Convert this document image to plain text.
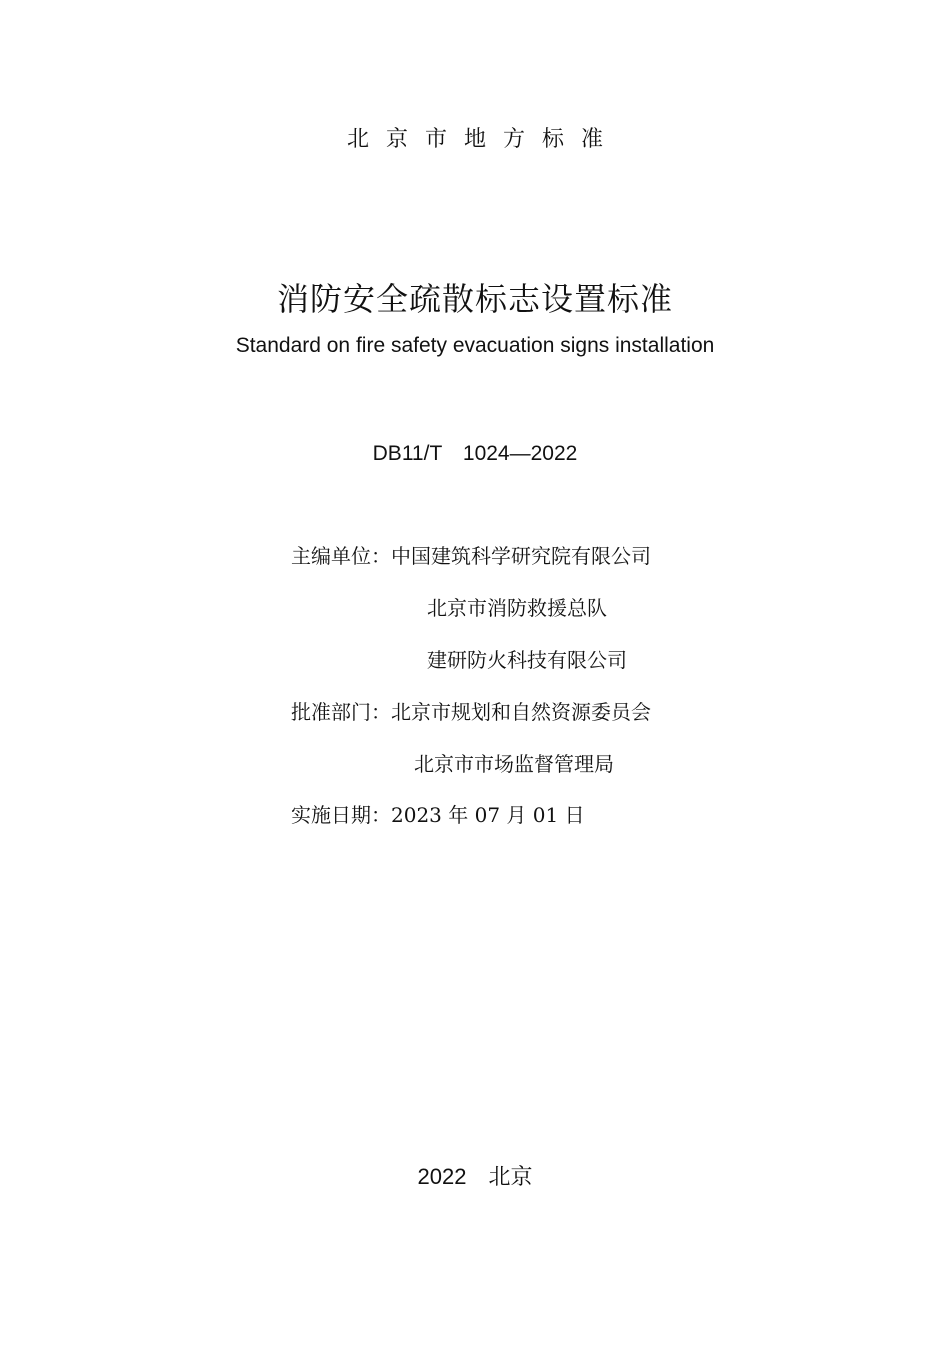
北京市地方标准
消防安全疏散标志设置标准
Standard on fire safety evacuation signs installation
DB11/T　1024—2022
主编单位：中国建筑科学研究院有限公司
北京市消防救援总队
建研防火科技有限公司
批准部门：北京市规划和自然资源委员会
北京市市场监督管理局
实施日期：2023 年 07 月 01 日
2022　北京
